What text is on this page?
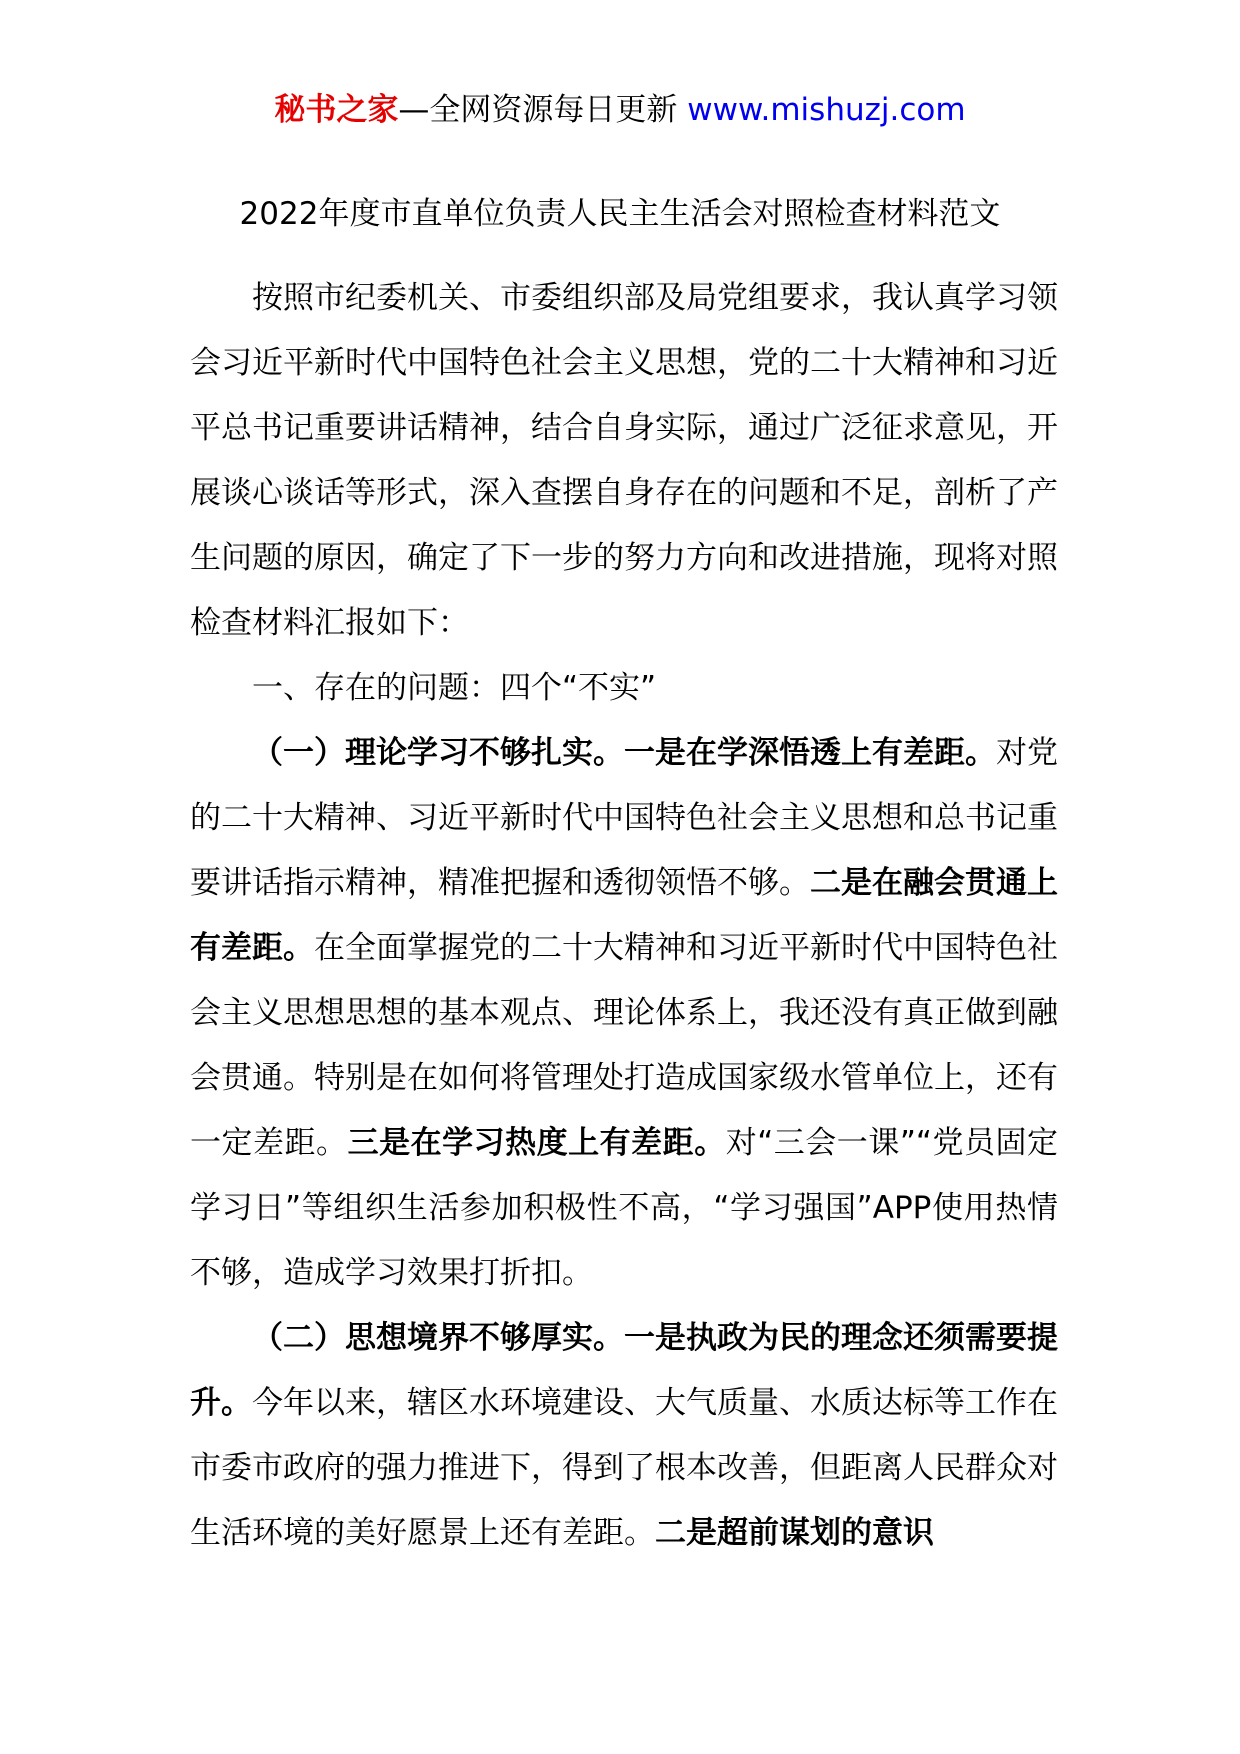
秘书之家—全网资源每日更新 www.mishuzj.com
2022年度市直单位负责人民主生活会对照检查材料范文

按照市纪委机关、市委组织部及局党组要求，我认真学习领会习近平新时代中国特色社会主义思想，党的二十大精神和习近平总书记重要讲话精神，结合自身实际，通过广泛征求意见，开展谈心谈话等形式，深入查摆自身存在的问题和不足，剖析了产生问题的原因，确定了下一步的努力方向和改进措施，现将对照检查材料汇报如下：

一、存在的问题：四个“不实”

（一）理论学习不够扎实。一是在学深悟透上有差距。对党的二十大精神、习近平新时代中国特色社会主义思想和总书记重要讲话指示精神，精准把握和透彻领悟不够。二是在融会贯通上有差距。在全面掌握党的二十大精神和习近平新时代中国特色社会主义思想思想的基本观点、理论体系上，我还没有真正做到融会贯通。特别是在如何将管理处打造成国家级水管单位上，还有一定差距。三是在学习热度上有差距。对“三会一课”“党员固定学习日”等组织生活参加积极性不高，“学习强国”APP使用热情不够，造成学习效果打折扣。

（二）思想境界不够厚实。一是执政为民的理念还须需要提升。今年以来，辖区水环境建设、大气质量、水质达标等工作在市委市政府的强力推进下，得到了根本改善，但距离人民群众对生活环境的美好愿景上还有差距。二是超前谋划的意识
